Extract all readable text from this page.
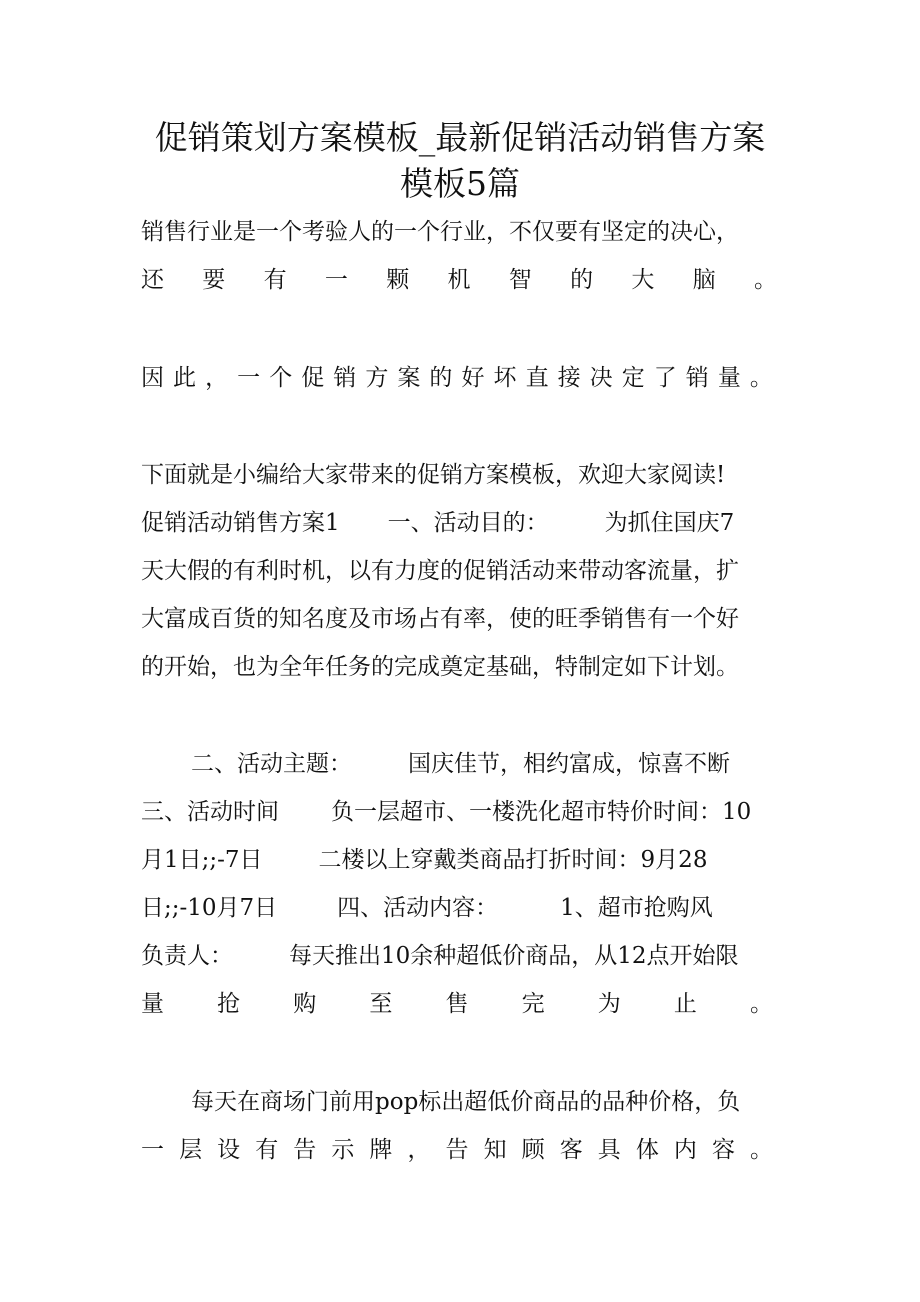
促销策划方案模板_最新促销活动销售方案
模板5篇
销售行业是一个考验人的一个行业，不仅要有坚定的决心，
还 要 有 一 颗 机 智 的 大 脑 。
因 此 ， 一 个 促 销 方 案 的 好 坏 直 接 决 定 了 销 量 。
下面就是小编给大家带来的促销方案模板，欢迎大家阅读!
促销活动销售方案1 一、活动目的： 为抓住国庆7
天大假的有利时机，以有力度的促销活动来带动客流量，扩
大富成百货的知名度及市场占有率，使的旺季销售有一个好
的开始，也为全年任务的完成奠定基础，特制定如下计划。
二、活动主题： 国庆佳节，相约富成，惊喜不断
三、活动时间 负一层超市、一楼洗化超市特价时间：10
月1日;;-7日 二楼以上穿戴类商品打折时间：9月28
日;;-10月7日	四、活动内容：	1、超市抢购风
负责人： 每天推出10余种超低价商品，从12点开始限
量 抢 购 至 售 完 为 止 。
每天在商场门前用pop标出超低价商品的品种价格，负
一 层 设 有 告 示 牌 ， 告 知 顾 客 具 体 内 容 。
